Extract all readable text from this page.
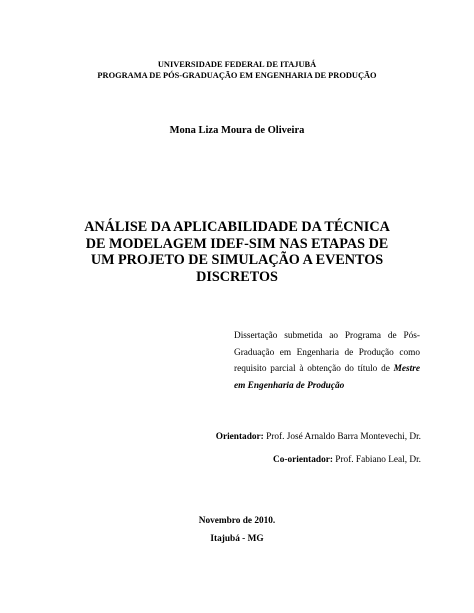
UNIVERSIDADE FEDERAL DE ITAJUBÁ
PROGRAMA DE PÓS-GRADUAÇÃO EM ENGENHARIA DE PRODUÇÃO
Mona Liza Moura de Oliveira
ANÁLISE DA APLICABILIDADE DA TÉCNICA
DE MODELAGEM IDEF-SIM NAS ETAPAS DE
UM PROJETO DE SIMULAÇÃO A EVENTOS
DISCRETOS
Dissertação submetida ao Programa de Pós-Graduação em Engenharia de Produção como requisito parcial à obtenção do título de Mestre em Engenharia de Produção
Orientador: Prof. José Arnaldo Barra Montevechi, Dr.
Co-orientador: Prof. Fabiano Leal, Dr.
Novembro de 2010.
Itajubá - MG
